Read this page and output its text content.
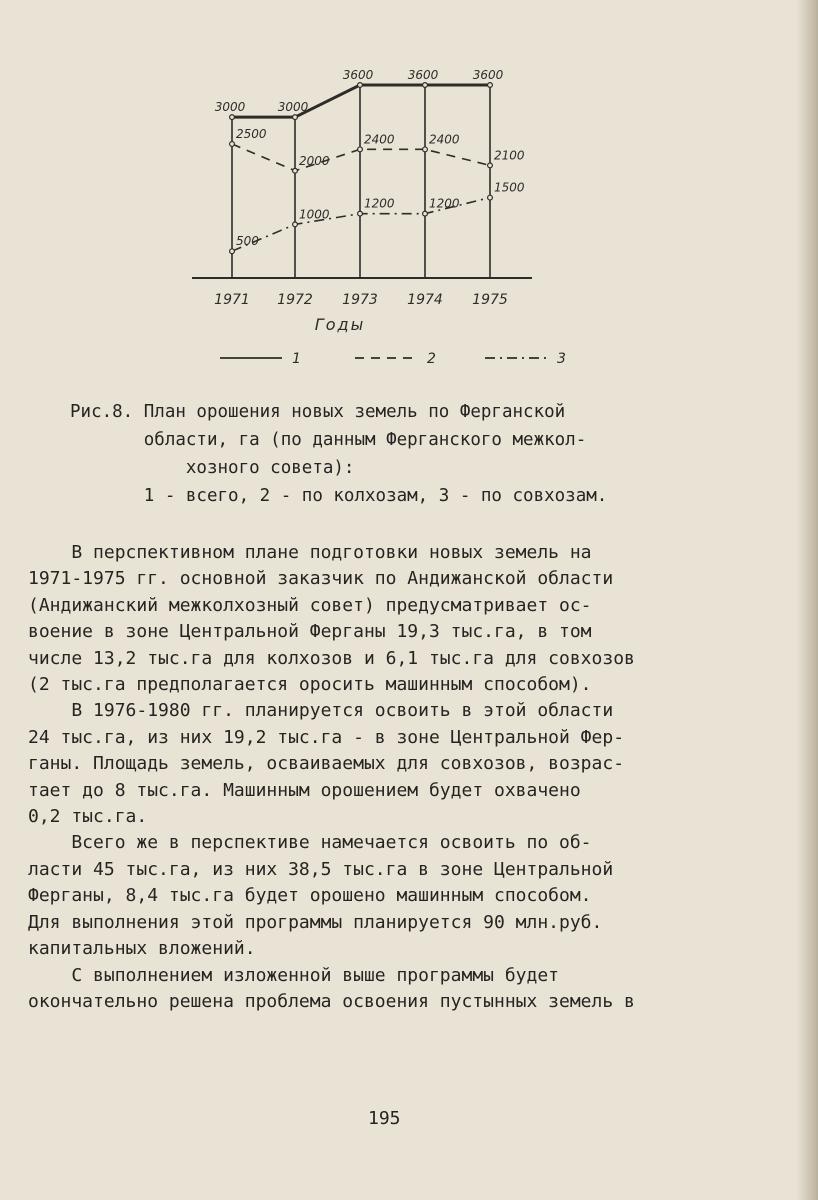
1971 1972 1973 1974 1975
Годы
3000	3000
3600	3600	3600
2500
2000
2400	2400
2100
500
1000
1200	1200
1500
1	2	3
Рис.8. План орошения новых земель по Ферганской
области, га (по данным Ферганского межкол-
хозного совета):
1 - всего, 2 - по колхозам, 3 - по совхозам.
В перспективном плане подготовки новых земель на
1971-1975 гг. основной заказчик по Андижанской области
(Андижанский межколхозный совет) предусматривает ос-
воение в зоне Центральной Ферганы 19,3 тыс.га, в том
числе 13,2 тыс.га для колхозов и 6,1 тыс.га для совхозов
(2 тыс.га предполагается оросить машинным способом).
В 1976-1980 гг. планируется освоить в этой области
24 тыс.га, из них 19,2 тыс.га - в зоне Центральной Фер-
ганы. Площадь земель, осваиваемых для совхозов, возрас-
тает до 8 тыс.га. Машинным орошением будет охвачено
0,2 тыс.га.
Всего же в перспективе намечается освоить по об-
ласти 45 тыс.га, из них 38,5 тыс.га в зоне Центральной
Ферганы, 8,4 тыс.га будет орошено машинным способом.
Для выполнения этой программы планируется 90 млн.руб.
капитальных вложений.
С выполнением изложенной выше программы будет
окончательно решена проблема освоения пустынных земель в
195
